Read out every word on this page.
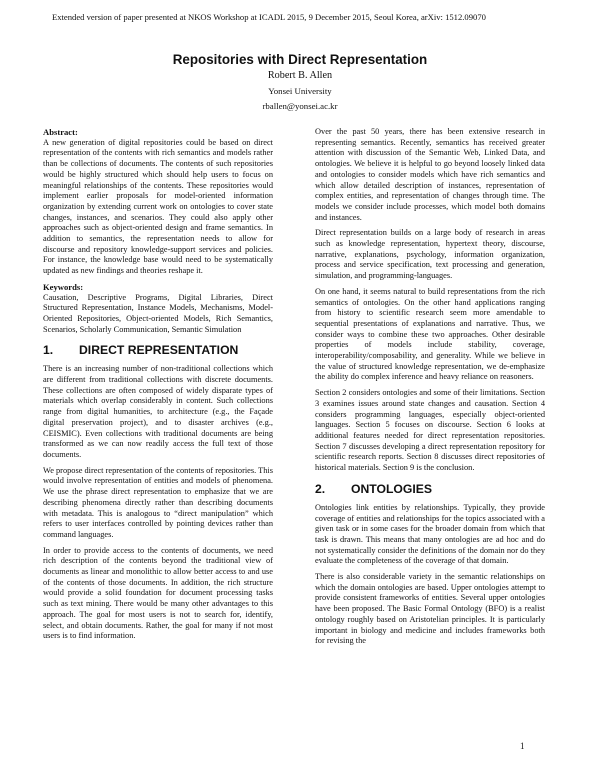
Extended version of paper presented at NKOS Workshop at ICADL 2015, 9 December 2015, Seoul Korea, arXiv: 1512.09070
Repositories with Direct Representation
Robert B. Allen
Yonsei University
rballen@yonsei.ac.kr
Abstract:

A new generation of digital repositories could be based on direct representation of the contents with rich semantics and models rather than be collections of documents. The contents of such repositories would be highly structured which should help users to focus on meaningful relationships of the contents. These repositories would implement earlier proposals for model-oriented information organization by extending current work on ontologies to cover state changes, instances, and scenarios. They could also apply other approaches such as object-oriented design and frame semantics. In addition to semantics, the representation needs to allow for discourse and repository knowledge-support services and policies. For instance, the knowledge base would need to be systematically updated as new findings and theories reshape it.

Keywords:

Causation, Descriptive Programs, Digital Libraries, Direct Structured Representation, Instance Models, Mechanisms, Model-Oriented Repositories, Object-oriented Models, Rich Semantics, Scenarios, Scholarly Communication, Semantic Simulation

1.	DIRECT REPRESENTATION

There is an increasing number of non-traditional collections which are different from traditional collections with discrete documents. These collections are often composed of widely disparate types of materials which overlap considerably in content. Such collections range from digital humanities, to architecture (e.g., the Façade digital preservation project), and to disaster archives (e.g., CEISMIC). Even collections with traditional documents are being transformed as we can now readily access the full text of those documents.

We propose direct representation of the contents of repositories. This would involve representation of entities and models of phenomena. We use the phrase direct representation to emphasize that we are describing phenomena directly rather than describing documents with metadata. This is analogous to “direct manipulation” which refers to user interfaces controlled by pointing devices rather than command languages.

In order to provide access to the contents of documents, we need rich description of the contents beyond the traditional view of documents as linear and monolithic to allow better access to and use of the contents of those documents. In addition, the rich structure would provide a solid foundation for document processing tasks such as text mining. There would be many other advantages to this approach. The goal for most users is not to search for, identify, select, and obtain documents. Rather, the goal for many if not most users is to find information.

Over the past 50 years, there has been extensive research in representing semantics. Recently, semantics has received greater attention with discussion of the Semantic Web, Linked Data, and ontologies. We believe it is helpful to go beyond loosely linked data and ontologies to consider models which have rich semantics and which allow detailed description of instances, representation of complex entities, and representation of changes through time. The models we consider include processes, which model both domains and instances.

Direct representation builds on a large body of research in areas such as knowledge representation, hypertext theory, discourse, narrative, explanations, psychology, information organization, process and service specification, text processing and generation, simulation, and programming-languages.

On one hand, it seems natural to build representations from the rich semantics of ontologies. On the other hand applications ranging from history to scientific research seem more amendable to sequential presentations of explanations and narrative. Thus, we consider ways to combine these two approaches. Other desirable properties of models include stability, coverage, interoperability/composability, and generality. While we believe in the value of structured knowledge representation, we de-emphasize the ability do complex inference and heavy reliance on reasoners.

Section 2 considers ontologies and some of their limitations. Section 3 examines issues around state changes and causation. Section 4 considers programming languages, especially object-oriented languages. Section 5 focuses on discourse. Section 6 looks at additional features needed for direct representation repositories. Section 7 discusses developing a direct representation repository for scientific research reports. Section 8 discusses direct repositories of historical materials. Section 9 is the conclusion.

2.	ONTOLOGIES

Ontologies link entities by relationships. Typically, they provide coverage of entities and relationships for the topics associated with a given task or in some cases for the broader domain from which that task is drawn. This means that many ontologies are ad hoc and do not systematically consider the definitions of the domain nor do they evaluate the completeness of the coverage of that domain.

There is also considerable variety in the semantic relationships on which the domain ontologies are based. Upper ontologies attempt to provide consistent frameworks of entities. Several upper ontologies have been proposed. The Basic Formal Ontology (BFO) is a realist ontology roughly based on Aristotelian principles. It is particularly important in biology and medicine and includes frameworks both for revising the

1
